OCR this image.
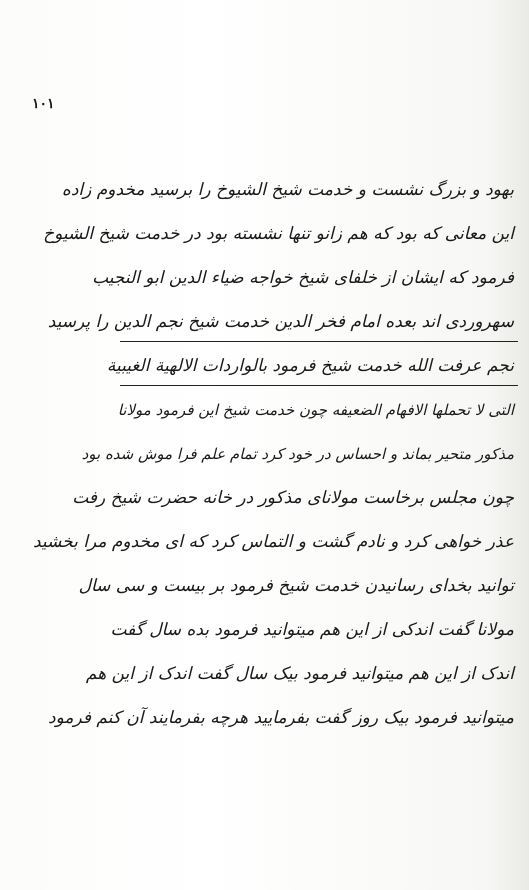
۱۰۱
بهود و بزرگ نشست و خدمت شیخ الشیوخ را برسید مخدوم زاده
این معانی که بود که هم زانو تنها نشسته بود در خدمت شیخ الشیوخ
فرمود که ایشان از خلفای شیخ خواجه ضیاء الدین ابو النجیب
سهروردی اند بعده امام فخر الدین خدمت شیخ نجم الدین را پرسید
نجم عرفت الله خدمت شیخ فرمود بالواردات الالهیة الغیبیة
التی لا تحملها الافهام الضعیفه چون خدمت شیخ این فرمود مولانا
مذکور متحیر بماند و احساس در خود کرد تمام علم فرا موش شده بود
چون مجلس برخاست مولانای مذکور در خانه حضرت شیخ رفت
عذر خواهی کرد و نادم گشت و التماس کرد که ای مخدوم مرا بخشید
توانید بخدای رسانیدن خدمت شیخ فرمود بر بیست و سی سال
مولانا گفت اندکی از این هم میتوانید فرمود بده سال گفت
اندک از این هم میتوانید فرمود بیک سال گفت اندک از این هم
میتوانید فرمود بیک روز گفت بفرمایید هرچه بفرمایند آن کنم فرمود
